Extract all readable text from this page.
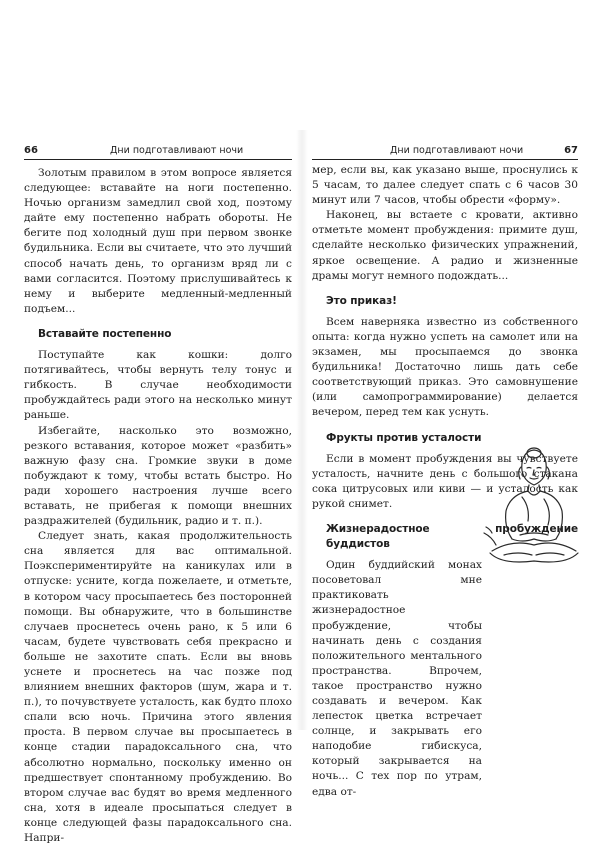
66	Дни подготавливают ночи

Золотым правилом в этом вопросе является следующее: вставайте на ноги постепенно. Ночью организм замедлил свой ход, поэтому дайте ему постепенно набрать обороты. Не бегите под холодный душ при первом звонке будильника. Если вы считаете, что это лучший способ начать день, то организм вряд ли с вами согласится. Поэтому прислушивайтесь к нему и выберите медленный-медленный подъем...

Вставайте постепенно

Поступайте как кошки: долго потягивайтесь, чтобы вернуть телу тонус и гибкость. В случае необходимости пробуждайтесь ради этого на несколько минут раньше.

Избегайте, насколько это возможно, резкого вставания, которое может «разбить» важную фазу сна. Громкие звуки в доме побуждают к тому, чтобы встать быстро. Но ради хорошего настроения лучше всего вставать, не прибегая к помощи внешних раздражителей (будильник, радио и т. п.).

Следует знать, какая продолжительность сна является для вас оптимальной. Поэкспериментируйте на каникулах или в отпуске: усните, когда пожелаете, и отметьте, в котором часу просыпаетесь без посторонней помощи. Вы обнаружите, что в большинстве случаев проснетесь очень рано, к 5 или 6 часам, будете чувствовать себя прекрасно и больше не захотите спать. Если вы вновь уснете и проснетесь на час позже под влиянием внешних факторов (шум, жара и т. п.), то почувствуете усталость, как будто плохо спали всю ночь. Причина этого явления проста. В первом случае вы просыпаетесь в конце стадии парадоксального сна, что абсолютно нормально, поскольку именно он предшествует спонтанному пробуждению. Во втором случае вас будят во время медленного сна, хотя в идеале просыпаться следует в конце следующей фазы парадоксального сна. Напри-

Дни подготавливают ночи	67

мер, если вы, как указано выше, проснулись к 5 часам, то далее следует спать с 6 часов 30 минут или 7 часов, чтобы обрести «форму».

Наконец, вы встаете с кровати, активно отметьте момент пробуждения: примите душ, сделайте несколько физических упражнений, яркое освещение. А радио и жизненные драмы могут немного подождать...

Это приказ!

Всем наверняка известно из собственного опыта: когда нужно успеть на самолет или на экзамен, мы просыпаемся до звонка будильника! Достаточно лишь дать себе соответствующий приказ. Это самовнушение (или самопрограммирование) делается вечером, перед тем как уснуть.

Фрукты против усталости

Если в момент пробуждения вы чувствуете усталость, начните день с большого стакана сока цитрусовых или киви — и усталость как рукой снимет.

Жизнерадостное пробуждение буддистов

Один буддийский монах посоветовал мне практиковать жизнерадостное пробуждение, чтобы начинать день с создания положительного ментального пространства. Впрочем, такое пространство нужно создавать и вечером. Как лепесток цветка встречает солнце, и закрывать его наподобие гибискуса, который закрывается на ночь... С тех пор по утрам, едва от-
